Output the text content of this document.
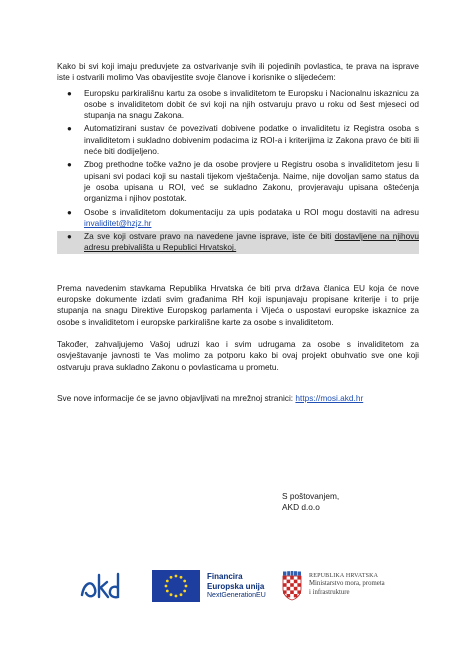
Kako bi svi koji imaju preduvjete za ostvarivanje svih ili pojedinih povlastica, te prava na isprave iste i ostvarili molimo Vas obavijestite svoje članove i korisnike o slijedećem:

● Europsku parkirališnu kartu za osobe s invaliditetom te Europsku i Nacionalnu iskaznicu za osobe s invaliditetom dobit će svi koji na njih ostvaruju pravo u roku od šest mjeseci od stupanja na snagu Zakona.
● Automatizirani sustav će povezivati dobivene podatke o invaliditetu iz Registra osoba s invaliditetom i sukladno dobivenim podacima iz ROI-a i kriterijima iz Zakona pravo će biti ili neće biti dodijeljeno.
● Zbog prethodne točke važno je da osobe provjere u Registru osoba s invaliditetom jesu li upisani svi podaci koji su nastali tijekom vještačenja. Naime, nije dovoljan samo status da je osoba upisana u ROI, već se sukladno Zakonu, provjeravaju upisana oštećenja organizma i njihov postotak.
● Osobe s invaliditetom dokumentaciju za upis podataka u ROI mogu dostaviti na adresu invaliditet@hzjz.hr
● Za sve koji ostvare pravo na navedene javne isprave, iste će biti dostavljene na njihovu adresu prebivališta u Republici Hrvatskoj.

Prema navedenim stavkama Republika Hrvatska će biti prva država članica EU koja će nove europske dokumente izdati svim građanima RH koji ispunjavaju propisane kriterije i to prije stupanja na snagu Direktive Europskog parlamenta i Vijeća o uspostavi europske iskaznice za osobe s invaliditetom i europske parkirališne karte za osobe s invaliditetom.

Također, zahvaljujemo Vašoj udruzi kao i svim udrugama za osobe s invaliditetom za osvještavanje javnosti te Vas molimo za potporu kako bi ovaj projekt obuhvatio sve one koji ostvaruju prava sukladno Zakonu o povlasticama u prometu.

Sve nove informacije će se javno objavljivati na mrežnoj stranici: https://mosi.akd.hr

S poštovanjem,
AKD d.o.o
Financira
Europska unija
NextGenerationEU
REPUBLIKA HRVATSKA
Ministarstvo mora, prometa
i infrastrukture
